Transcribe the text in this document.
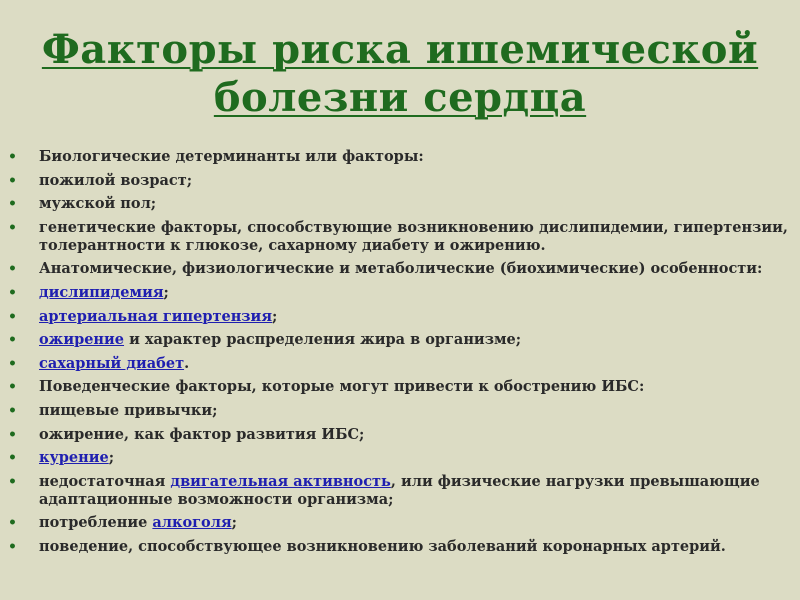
Факторы риска ишемической
болезни сердца
• Биологические детерминанты или факторы:
• пожилой возраст;
• мужской пол;
• генетические факторы, способствующие возникновению дислипидемии, гипертензии, толерантности к глюкозе, сахарному диабету и ожирению.
• Анатомические, физиологические и метаболические (биохимические) особенности:
• дислипидемия;
• артериальная гипертензия;
• ожирение и характер распределения жира в организме;
• сахарный диабет.
• Поведенческие факторы, которые могут привести к обострению ИБС:
• пищевые привычки;
• ожирение, как фактор развития ИБС;
• курение;
• недостаточная двигательная активность, или физические нагрузки превышающие адаптационные возможности организма;
• потребление алкоголя;
• поведение, способствующее возникновению заболеваний коронарных артерий.
